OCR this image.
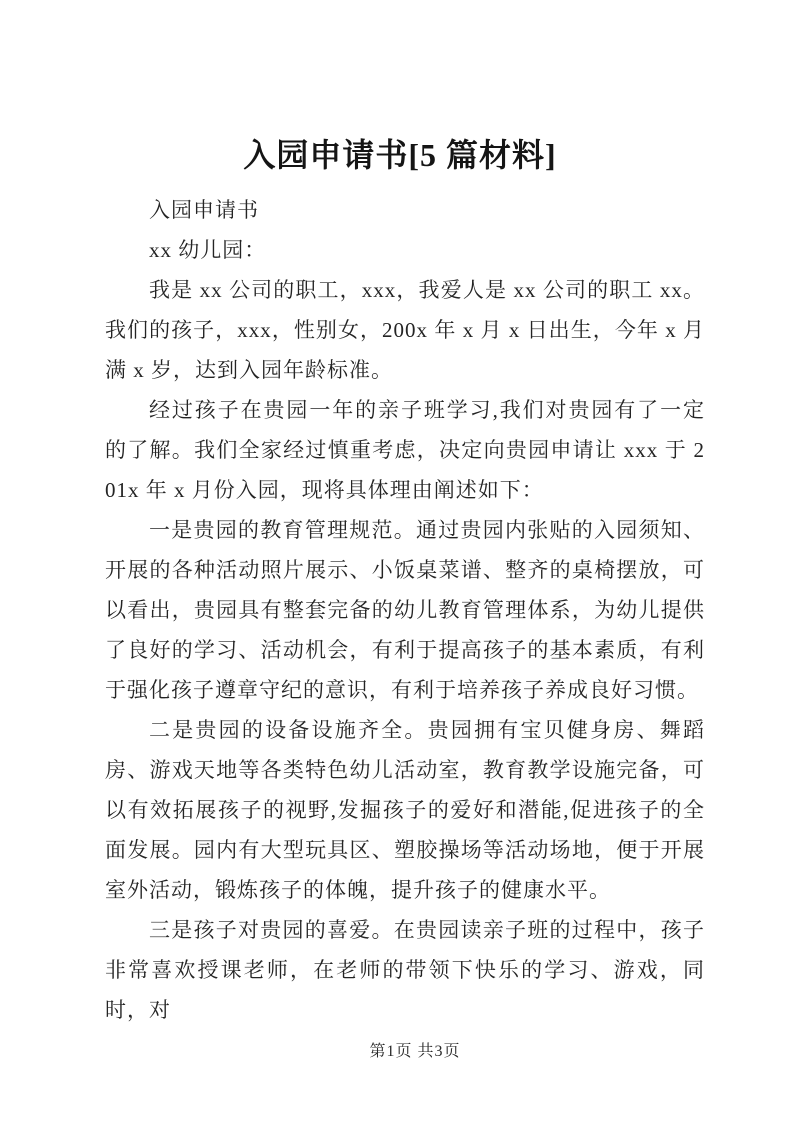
入园申请书[5 篇材料]

入园申请书

xx 幼儿园：

我是 xx 公司的职工，xxx，我爱人是 xx 公司的职工 xx。我们的孩子，xxx，性别女，200x 年 x 月 x 日出生，今年 x 月满 x 岁，达到入园年龄标准。

经过孩子在贵园一年的亲子班学习,我们对贵园有了一定的了解。我们全家经过慎重考虑，决定向贵园申请让 xxx 于 201x 年 x 月份入园，现将具体理由阐述如下：

一是贵园的教育管理规范。通过贵园内张贴的入园须知、开展的各种活动照片展示、小饭桌菜谱、整齐的桌椅摆放，可以看出，贵园具有整套完备的幼儿教育管理体系，为幼儿提供了良好的学习、活动机会，有利于提高孩子的基本素质，有利于强化孩子遵章守纪的意识，有利于培养孩子养成良好习惯。

二是贵园的设备设施齐全。贵园拥有宝贝健身房、舞蹈房、游戏天地等各类特色幼儿活动室，教育教学设施完备，可以有效拓展孩子的视野,发掘孩子的爱好和潜能,促进孩子的全面发展。园内有大型玩具区、塑胶操场等活动场地，便于开展室外活动，锻炼孩子的体魄，提升孩子的健康水平。

三是孩子对贵园的喜爱。在贵园读亲子班的过程中，孩子非常喜欢授课老师，在老师的带领下快乐的学习、游戏，同时，对

第1页 共3页
